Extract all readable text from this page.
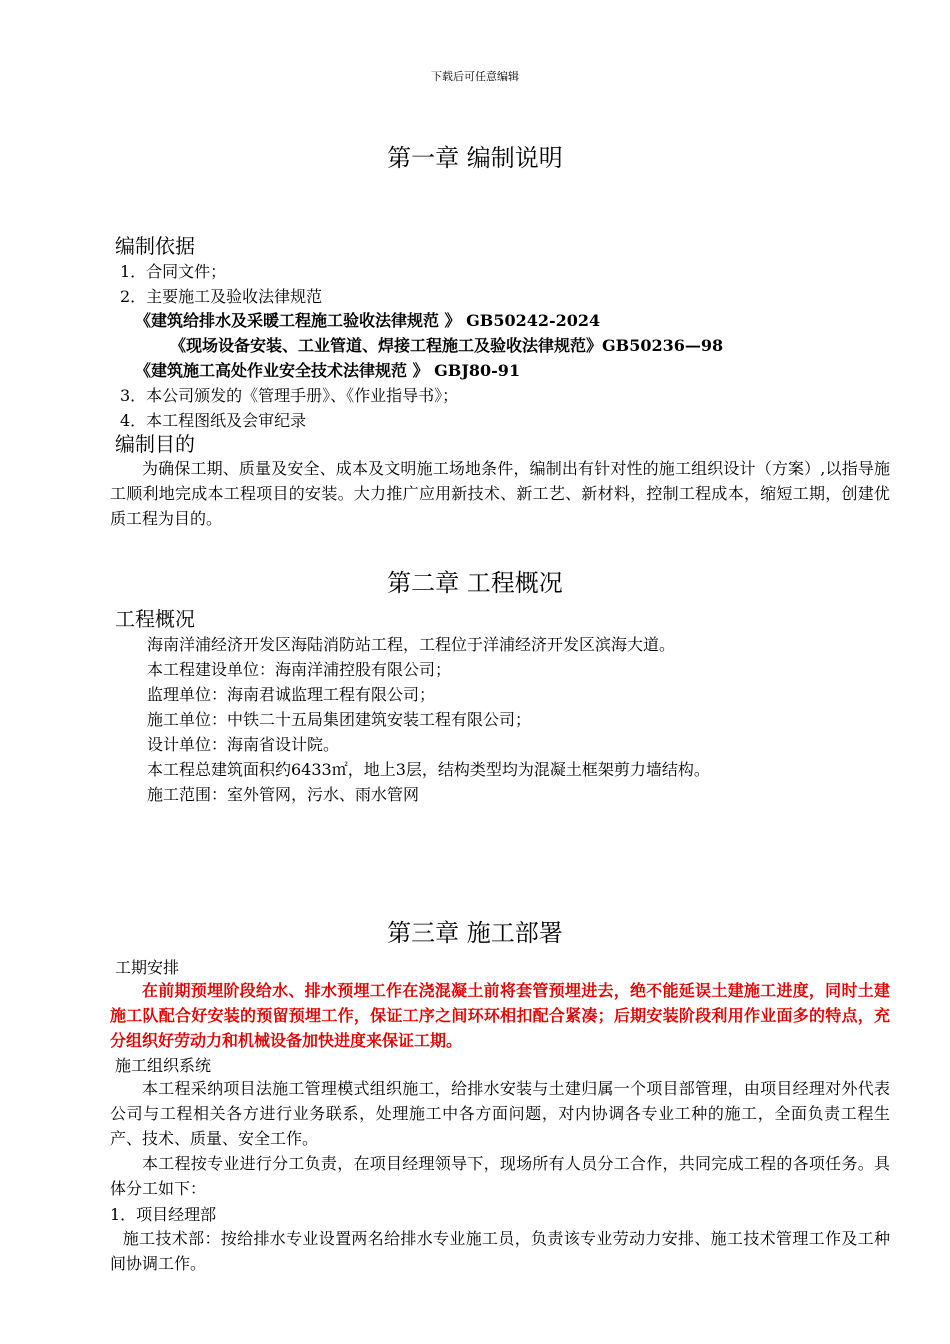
下载后可任意编辑
第一章 编制说明
编制依据
1．合同文件；
2．主要施工及验收法律规范
《建筑给排水及采暖工程施工验收法律规范 》 GB50242-2024
《现场设备安装、工业管道、焊接工程施工及验收法律规范》GB50236—98
《建筑施工高处作业安全技术法律规范 》 GBJ80-91
3．本公司颁发的《管理手册》、《作业指导书》；
4．本工程图纸及会审纪录
编制目的

为确保工期、质量及安全、成本及文明施工场地条件，编制出有针对性的施工组织设计（方案）,以指导施工顺利地完成本工程项目的安装。大力推广应用新技术、新工艺、新材料，控制工程成本，缩短工期，创建优质工程为目的。

第二章 工程概况
工程概况
海南洋浦经济开发区海陆消防站工程，工程位于洋浦经济开发区滨海大道。
本工程建设单位：海南洋浦控股有限公司；
监理单位：海南君诚监理工程有限公司；
施工单位：中铁二十五局集团建筑安装工程有限公司；
设计单位：海南省设计院。
本工程总建筑面积约6433㎡，地上3层，结构类型均为混凝土框架剪力墙结构。
施工范围：室外管网，污水、雨水管网
第三章 施工部署
工期安排

在前期预埋阶段给水、排水预埋工作在浇混凝土前将套管预埋进去，绝不能延误土建施工进度，同时土建施工队配合好安装的预留预埋工作，保证工序之间环环相扣配合紧凑；后期安装阶段利用作业面多的特点，充分组织好劳动力和机械设备加快进度来保证工期。

施工组织系统

本工程采纳项目法施工管理模式组织施工，给排水安装与土建归属一个项目部管理，由项目经理对外代表公司与工程相关各方进行业务联系，处理施工中各方面问题，对内协调各专业工种的施工，全面负责工程生产、技术、质量、安全工作。

本工程按专业进行分工负责，在项目经理领导下，现场所有人员分工合作，共同完成工程的各项任务。具体分工如下：

1．项目经理部

施工技术部：按给排水专业设置两名给排水专业施工员，负责该专业劳动力安排、施工技术管理工作及工种间协调工作。
